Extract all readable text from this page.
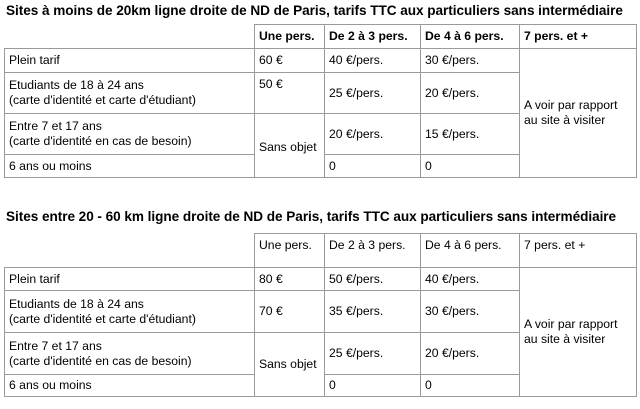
Sites à moins de 20km ligne droite de ND de Paris, tarifs TTC aux particuliers sans intermédiaire
	Une pers.	De 2 à 3 pers.	De 4 à 6 pers.	7 pers. et +

Plein tarif	60 €	40 €/pers.	30 €/pers.	A voir par rapport
au site à visiter

Etudiants de 18 à 24 ans
(carte d'identité et carte d'étudiant)	50 €	25 €/pers.	20 €/pers.	

Entre 7 et 17 ans
(carte d'identité en cas de besoin)	Sans objet	20 €/pers.	15 €/pers.	

6 ans ou moins		0	0	
Sites entre 20 - 60 km ligne droite de ND de Paris, tarifs TTC aux particuliers sans intermédiaire
	Une pers.	De 2 à 3 pers.	De 4 à 6 pers.	7 pers. et +

Plein tarif	80 €	50 €/pers.	40 €/pers.	A voir par rapport
au site à visiter

Etudiants de 18 à 24 ans
(carte d'identité et carte d'étudiant)	70 €	35 €/pers.	30 €/pers.	

Entre 7 et 17 ans
(carte d'identité en cas de besoin)	Sans objet	25 €/pers.	20 €/pers.	

6 ans ou moins		0	0	
